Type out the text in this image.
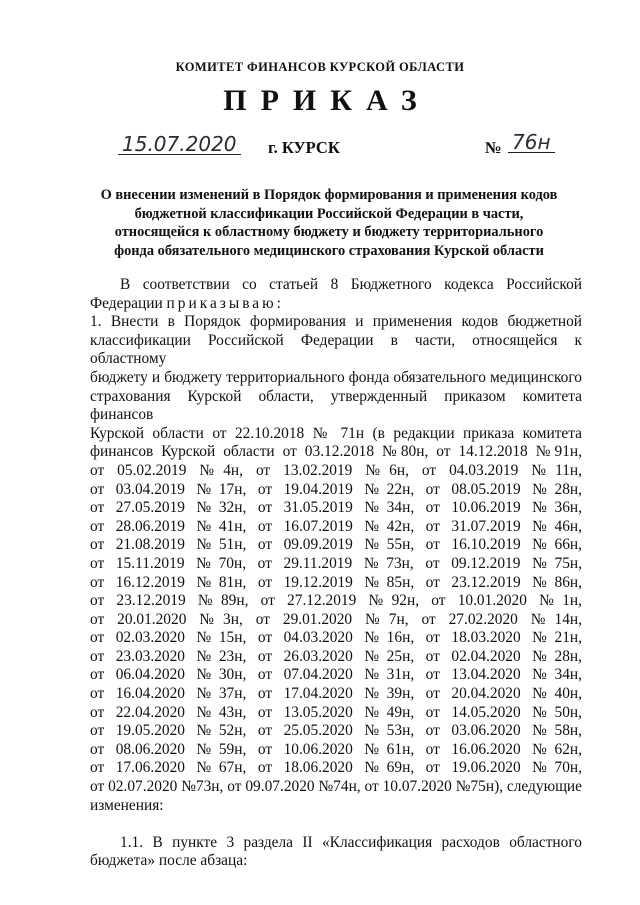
КОМИТЕТ ФИНАНСОВ КУРСКОЙ ОБЛАСТИ
ПРИКАЗ
15.07.2020 г. КУРСК	№ 76н
О внесении изменений в Порядок формирования и применения кодов
бюджетной классификации Российской Федерации в части,
относящейся к областному бюджету и бюджету территориального
фонда обязательного медицинского страхования Курской области
В соответствии со статьей 8 Бюджетного кодекса Российской
Федерации приказываю:
1. Внести в Порядок формирования и применения кодов бюджетной
классификации Российской Федерации в части, относящейся к областному
бюджету и бюджету территориального фонда обязательного медицинского
страхования Курской области, утвержденный приказом комитета финансов
Курской области от 22.10.2018 № 71н (в редакции приказа комитета
финансов Курской области от 03.12.2018 №80н, от 14.12.2018 №91н,
от 05.02.2019 №4н, от 13.02.2019 №6н, от 04.03.2019 №11н,
от 03.04.2019 №17н, от 19.04.2019 №22н, от 08.05.2019 №28н,
от 27.05.2019 №32н, от 31.05.2019 №34н, от 10.06.2019 №36н,
от 28.06.2019 №41н, от 16.07.2019 №42н, от 31.07.2019 №46н,
от 21.08.2019 №51н, от 09.09.2019 №55н, от 16.10.2019 №66н,
от 15.11.2019 №70н, от 29.11.2019 №73н, от 09.12.2019 №75н,
от 16.12.2019 №81н, от 19.12.2019 №85н, от 23.12.2019 №86н,
от 23.12.2019 №89н, от 27.12.2019 №92н, от 10.01.2020 №1н,
от 20.01.2020 №3н, от 29.01.2020 №7н, от 27.02.2020 №14н,
от 02.03.2020 №15н, от 04.03.2020 №16н, от 18.03.2020 №21н,
от 23.03.2020 №23н, от 26.03.2020 №25н, от 02.04.2020 №28н,
от 06.04.2020 №30н, от 07.04.2020 №31н, от 13.04.2020 №34н,
от 16.04.2020 №37н, от 17.04.2020 №39н, от 20.04.2020 №40н,
от 22.04.2020 №43н, от 13.05.2020 №49н, от 14.05.2020 №50н,
от 19.05.2020 №52н, от 25.05.2020 №53н, от 03.06.2020 №58н,
от 08.06.2020 №59н, от 10.06.2020 №61н, от 16.06.2020 №62н,
от 17.06.2020 №67н, от 18.06.2020 №69н, от 19.06.2020 №70н,
от 02.07.2020 №73н, от 09.07.2020 №74н, от 10.07.2020 №75н), следующие
изменения:
1.1. В пункте 3 раздела II «Классификация расходов областного
бюджета» после абзаца:
